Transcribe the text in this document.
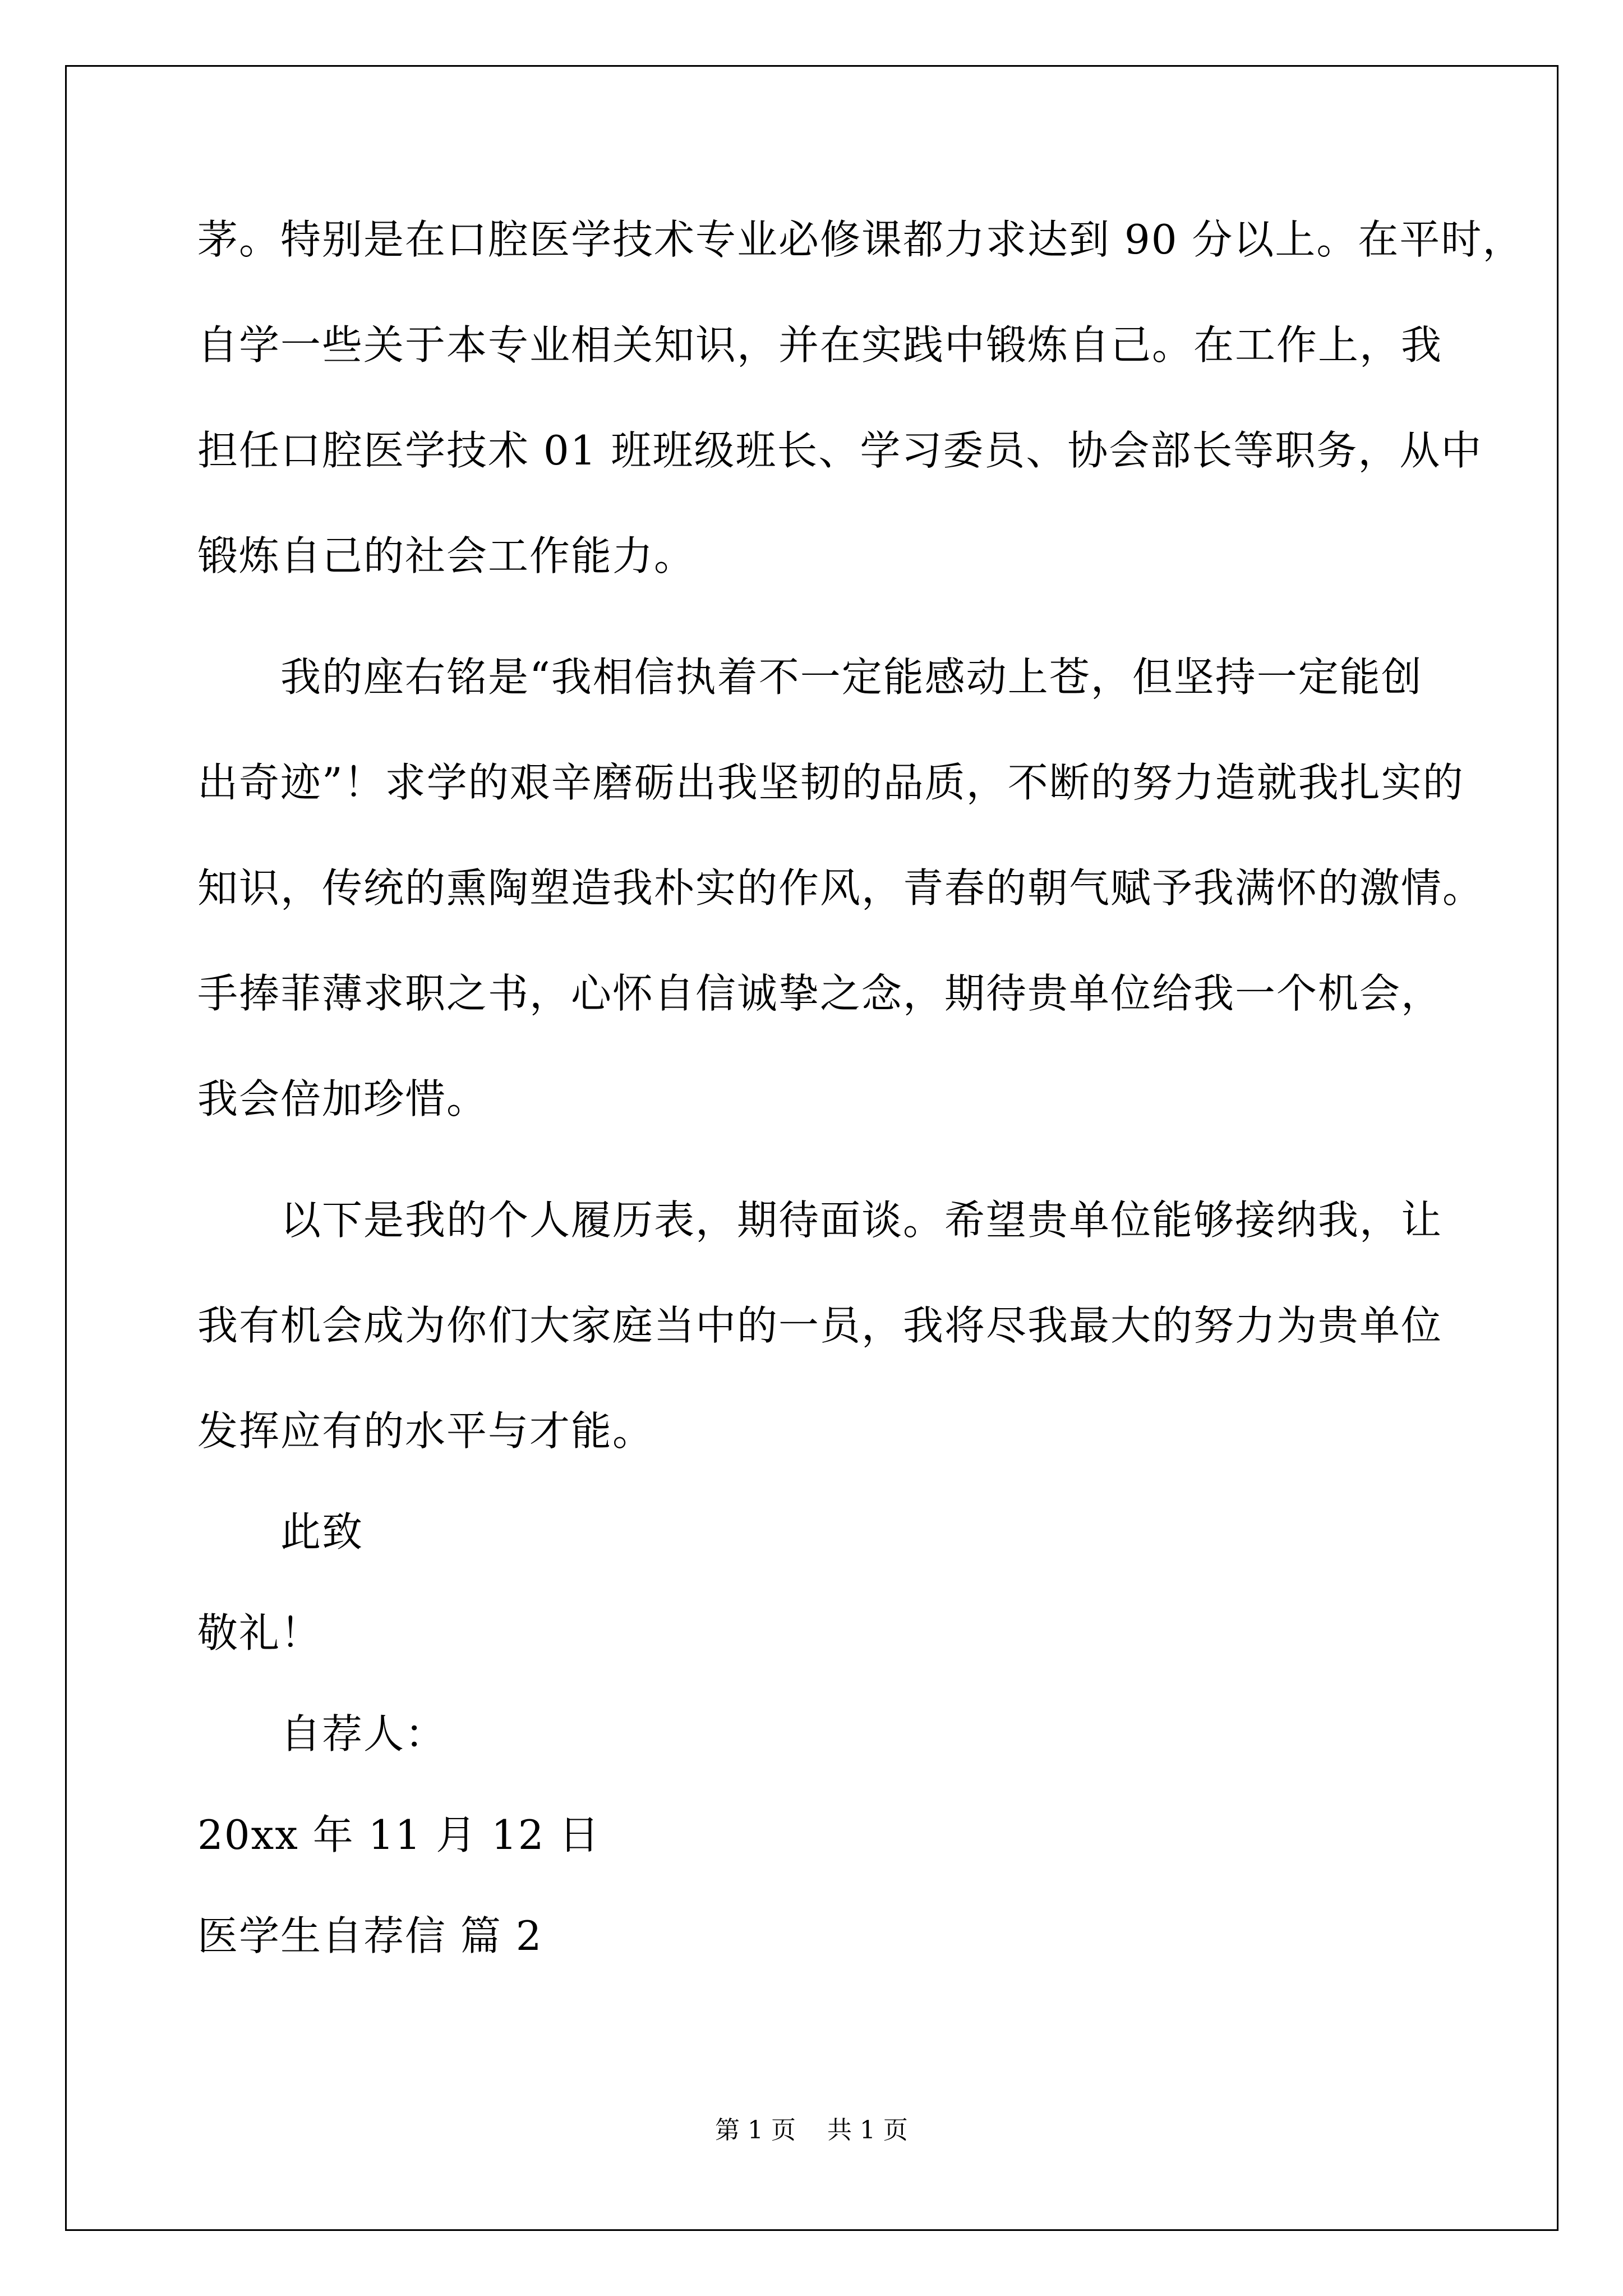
茅。特别是在口腔医学技术专业必修课都力求达到 90 分以上。在平时，
自学一些关于本专业相关知识，并在实践中锻炼自己。在工作上，我
担任口腔医学技术 01 班班级班长、学习委员、协会部长等职务，从中
锻炼自己的社会工作能力。
我的座右铭是“我相信执着不一定能感动上苍，但坚持一定能创
出奇迹”！求学的艰辛磨砺出我坚韧的品质，不断的努力造就我扎实的
知识，传统的熏陶塑造我朴实的作风，青春的朝气赋予我满怀的激情。
手捧菲薄求职之书，心怀自信诚挚之念，期待贵单位给我一个机会，
我会倍加珍惜。
以下是我的个人履历表，期待面谈。希望贵单位能够接纳我，让
我有机会成为你们大家庭当中的一员，我将尽我最大的努力为贵单位
发挥应有的水平与才能。
此致
敬礼！
自荐人：
20xx 年 11 月 12 日
医学生自荐信 篇 2
第 1 页    共 1 页
